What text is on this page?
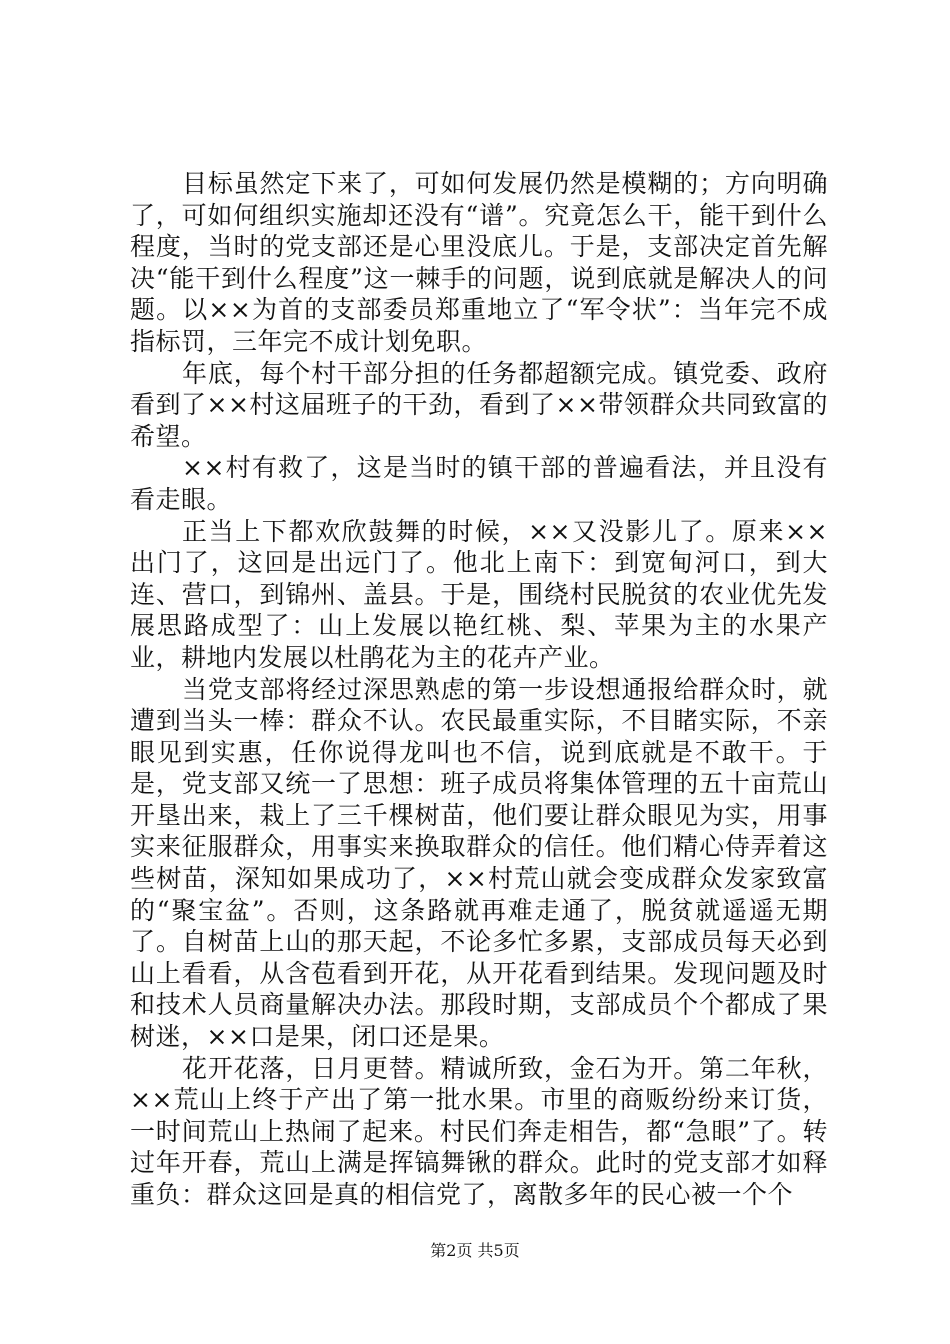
目标虽然定下来了，可如何发展仍然是模糊的；方向明确了，可如何组织实施却还没有“谱”。究竟怎么干，能干到什么程度，当时的党支部还是心里没底儿。于是，支部决定首先解决“能干到什么程度”这一棘手的问题，说到底就是解决人的问题。以××为首的支部委员郑重地立了“军令状”：当年完不成指标罚，三年完不成计划免职。

年底，每个村干部分担的任务都超额完成。镇党委、政府看到了××村这届班子的干劲，看到了××带领群众共同致富的希望。

××村有救了，这是当时的镇干部的普遍看法，并且没有看走眼。

正当上下都欢欣鼓舞的时候，××又没影儿了。原来××出门了，这回是出远门了。他北上南下：到宽甸河口，到大连、营口，到锦州、盖县。于是，围绕村民脱贫的农业优先发展思路成型了：山上发展以艳红桃、梨、苹果为主的水果产业，耕地内发展以杜鹃花为主的花卉产业。

当党支部将经过深思熟虑的第一步设想通报给群众时，就遭到当头一棒：群众不认。农民最重实际，不目睹实际，不亲眼见到实惠，任你说得龙叫也不信，说到底就是不敢干。于是，党支部又统一了思想：班子成员将集体管理的五十亩荒山开垦出来，栽上了三千棵树苗，他们要让群众眼见为实，用事实来征服群众，用事实来换取群众的信任。他们精心侍弄着这些树苗，深知如果成功了，××村荒山就会变成群众发家致富的“聚宝盆”。否则，这条路就再难走通了，脱贫就遥遥无期了。自树苗上山的那天起，不论多忙多累，支部成员每天必到山上看看，从含苞看到开花，从开花看到结果。发现问题及时和技术人员商量解决办法。那段时期，支部成员个个都成了果树迷，××口是果，闭口还是果。

花开花落，日月更替。精诚所致，金石为开。第二年秋，××荒山上终于产出了第一批水果。市里的商贩纷纷来订货，一时间荒山上热闹了起来。村民们奔走相告，都“急眼”了。转过年开春，荒山上满是挥镐舞锹的群众。此时的党支部才如释重负：群众这回是真的相信党了，离散多年的民心被一个个

第2页 共5页
